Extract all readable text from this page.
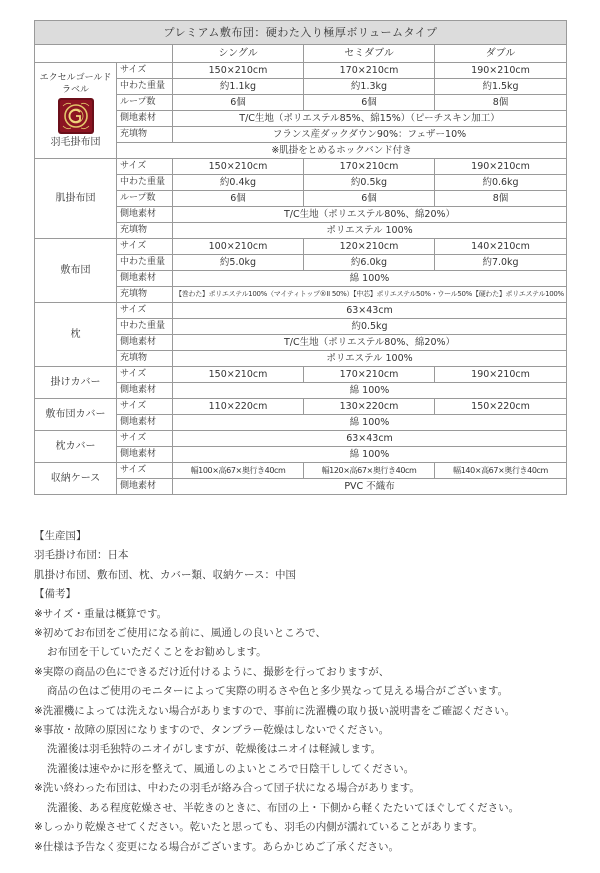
プレミアム敷布団：硬わた入り極厚ボリュームタイプ				
		シングル	セミダブル	ダブル

エクセルゴールドラベル
羽毛掛布団	サイズ	150×210cm	170×210cm	190×210cm
	中わた重量	約1.1kg	約1.3kg	約1.5kg
	ループ数	6個	6個	8個
	側地素材	T/C生地（ポリエステル85%、綿15%）（ピーチスキン加工）		
	充填物	フランス産ダックダウン90%：フェザー10%		
	※肌掛をとめるホックバンド付き			

肌掛布団	サイズ	150×210cm	170×210cm	190×210cm
	中わた重量	約0.4kg	約0.5kg	約0.6kg
	ループ数	6個	6個	8個
	側地素材	T/C生地（ポリエステル80%、綿20%）		
	充填物	ポリエステル 100%		

敷布団	サイズ	100×210cm	120×210cm	140×210cm
	中わた重量	約5.0kg	約6.0kg	約7.0kg
	側地素材	綿 100%		
	充填物	【巻わた】ポリエステル100%（マイティトップ®II 50%）【中芯】ポリエステル50%・ウール50%【硬わた】ポリエステル100%		

枕	サイズ	63×43cm		
	中わた重量	約0.5kg		
	側地素材	T/C生地（ポリエステル80%、綿20%）		
	充填物	ポリエステル 100%		

掛けカバー	サイズ	150×210cm	170×210cm	190×210cm
	側地素材	綿 100%		

敷布団カバー	サイズ	110×220cm	130×220cm	150×220cm
	側地素材	綿 100%		

枕カバー	サイズ	63×43cm		
	側地素材	綿 100%		

収納ケース	サイズ	幅100×高67×奥行き40cm	幅120×高67×奥行き40cm	幅140×高67×奥行き40cm
	側地素材	PVC 不織布		
【生産国】
羽毛掛け布団：日本
肌掛け布団、敷布団、枕、カバー類、収納ケース：中国
【備考】
※サイズ・重量は概算です。
※初めてお布団をご使用になる前に、風通しの良いところで、
お布団を干していただくことをお勧めします。
※実際の商品の色にできるだけ近付けるように、撮影を行っておりますが、
商品の色はご使用のモニターによって実際の明るさや色と多少異なって見える場合がございます。
※洗濯機によっては洗えない場合がありますので、事前に洗濯機の取り扱い説明書をご確認ください。
※事故・故障の原因になりますので、タンブラー乾燥はしないでください。
洗濯後は羽毛独特のニオイがしますが、乾燥後はニオイは軽減します。
洗濯後は速やかに形を整えて、風通しのよいところで日陰干ししてください。
※洗い終わった布団は、中わたの羽毛が絡み合って団子状になる場合があります。
洗濯後、ある程度乾燥させ、半乾きのときに、布団の上・下側から軽くたたいてほぐしてください。
※しっかり乾燥させてください。乾いたと思っても、羽毛の内側が濡れていることがあります。
※仕様は予告なく変更になる場合がございます。あらかじめご了承ください。
